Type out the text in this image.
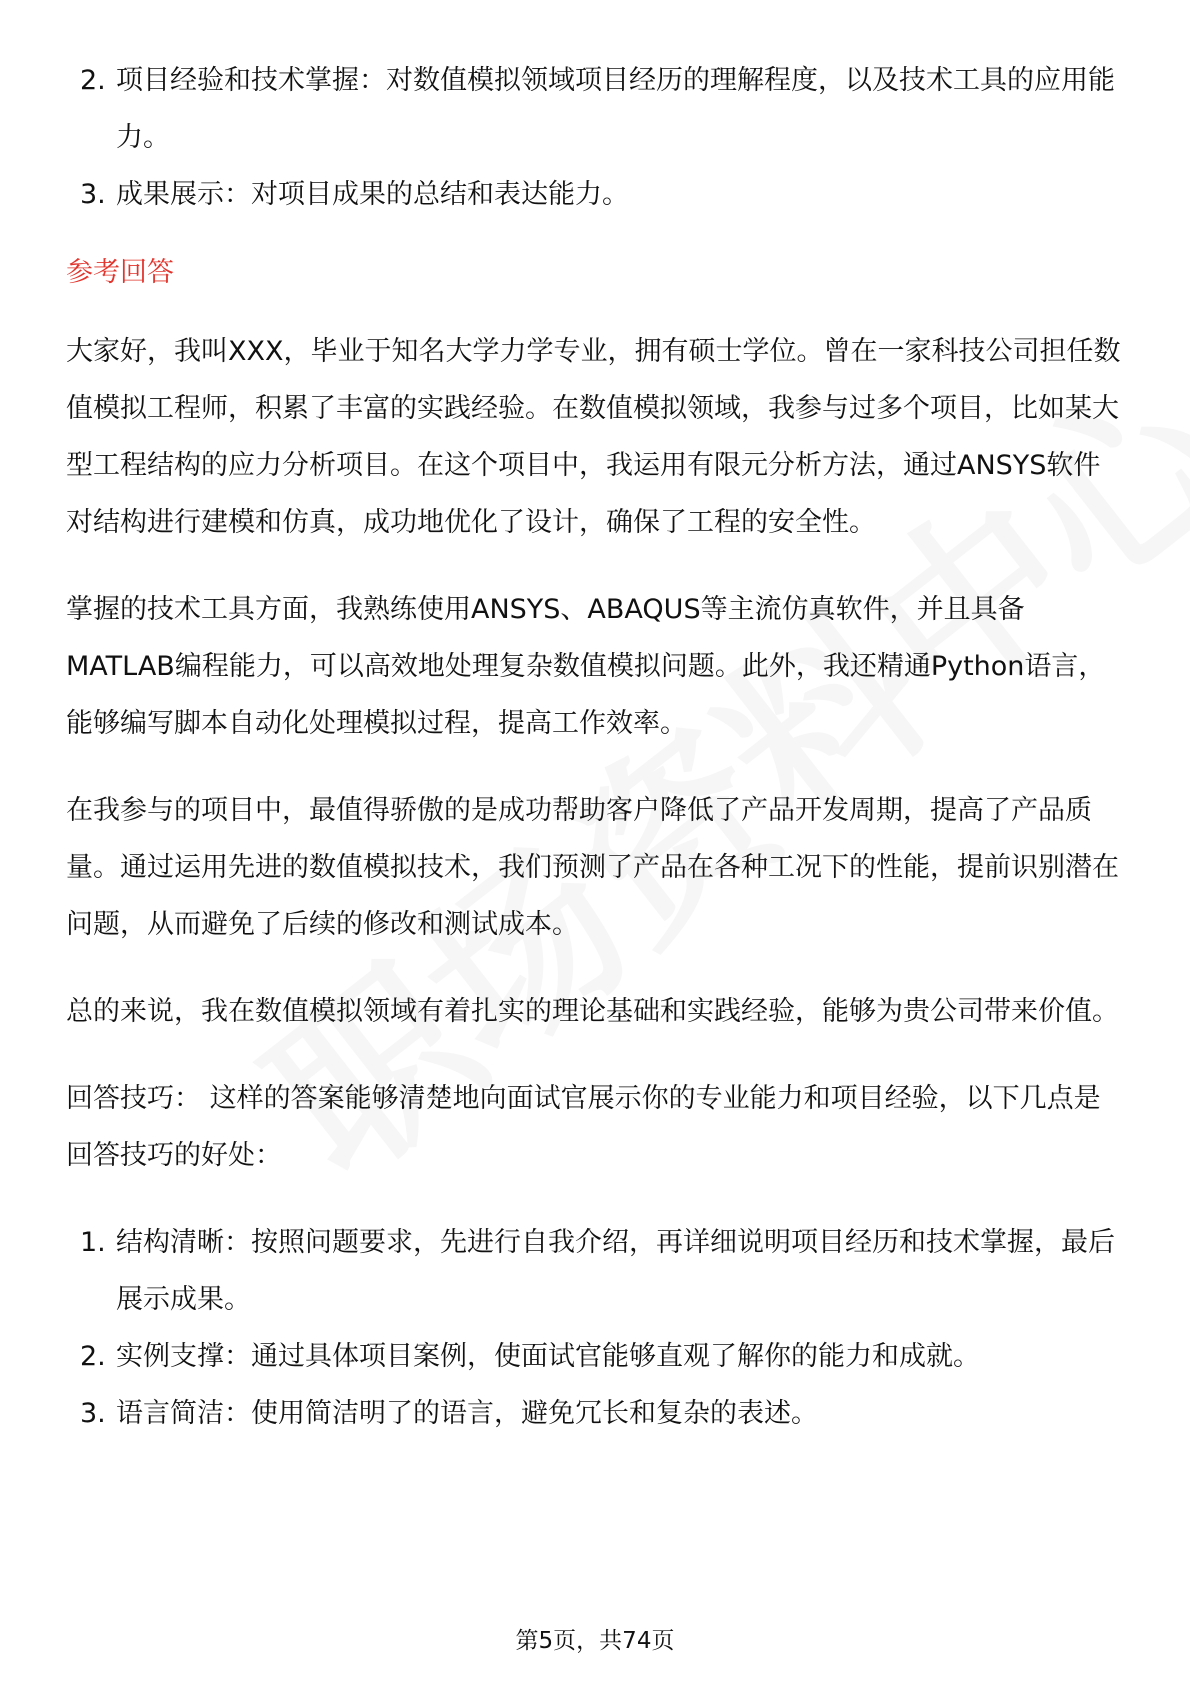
2. 项目经验和技术掌握：对数值模拟领域项目经历的理解程度，以及技术工具的应用能力。
3. 成果展示：对项目成果的总结和表达能力。
参考回答

大家好，我叫XXX，毕业于知名大学力学专业，拥有硕士学位。曾在一家科技公司担任数值模拟工程师，积累了丰富的实践经验。在数值模拟领域，我参与过多个项目，比如某大型工程结构的应力分析项目。在这个项目中，我运用有限元分析方法，通过ANSYS软件对结构进行建模和仿真，成功地优化了设计，确保了工程的安全性。

掌握的技术工具方面，我熟练使用ANSYS、ABAQUS等主流仿真软件，并且具备MATLAB编程能力，可以高效地处理复杂数值模拟问题。此外，我还精通Python语言，能够编写脚本自动化处理模拟过程，提高工作效率。

在我参与的项目中，最值得骄傲的是成功帮助客户降低了产品开发周期，提高了产品质量。通过运用先进的数值模拟技术，我们预测了产品在各种工况下的性能，提前识别潜在问题，从而避免了后续的修改和测试成本。

总的来说，我在数值模拟领域有着扎实的理论基础和实践经验，能够为贵公司带来价值。

回答技巧： 这样的答案能够清楚地向面试官展示你的专业能力和项目经验，以下几点是回答技巧的好处：

1. 结构清晰：按照问题要求，先进行自我介绍，再详细说明项目经历和技术掌握，最后展示成果。
2. 实例支撑：通过具体项目案例，使面试官能够直观了解你的能力和成就。
3. 语言简洁：使用简洁明了的语言，避免冗长和复杂的表述。
第5页，共74页
